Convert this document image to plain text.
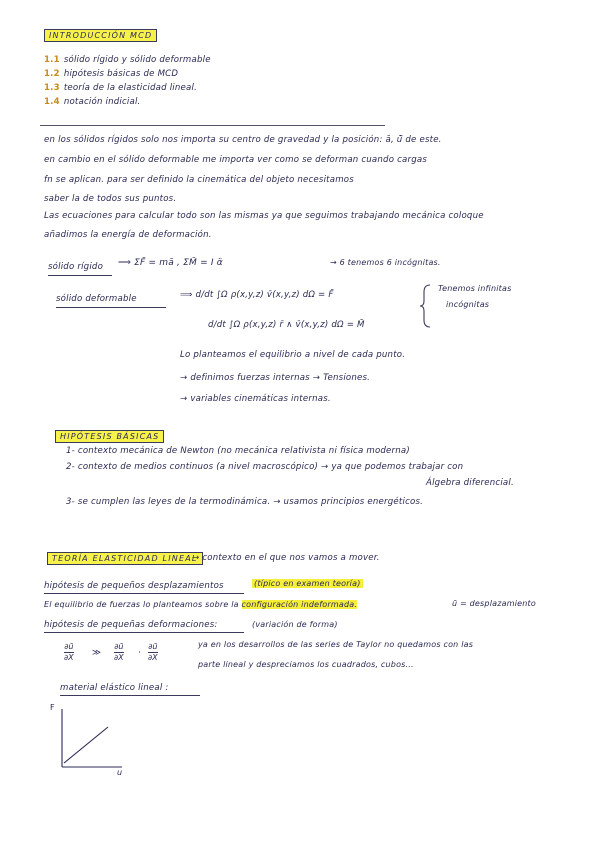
INTRODUCCIÓN MCD
1.1 sólido rígido y sólido deformable
1.2 hipótesis básicas de MCD
1.3 teoría de la elasticidad lineal.
1.4 notación indicial.
en los sólidos rígidos solo nos importa su centro de gravedad y la posición: ā, ū̄ de este.
en cambio en el sólido deformable me importa ver como se deforman cuando cargas
fn se aplican. para ser definido la cinemática del objeto necesitamos
saber la de todos sus puntos.
Las ecuaciones para calcular todo son las mismas ya que seguimos trabajando mecánica coloque
añadimos la energía de deformación.
sólido rígido ⟹ ΣF̄ = mā , ΣM̄ = I α̈	→ 6 tenemos 6 incógnitas.
sólido deformable	⟹ d/dt ∫Ω ρ(x,y,z) v̄(x,y,z) dΩ = F̄
d/dt ∫Ω ρ(x,y,z) r̄ ∧ v̄(x,y,z) dΩ = M̄
Tenemos infinitas
incógnitas
Lo planteamos el equilibrio a nivel de cada punto.
→ definimos fuerzas internas → Tensiones.
→ variables cinemáticas internas.
HIPÓTESIS BÁSICAS
1- contexto mecánica de Newton (no mecánica relativista ni física moderna)
2- contexto de medios continuos (a nivel macroscópico) → ya que podemos trabajar con
Álgebra diferencial.
3- se cumplen las leyes de la termodinámica. → usamos principios energéticos.
TEORÍA ELASTICIDAD LINEAL
→ contexto en el que nos vamos a mover.
hipótesis de pequeños desplazamientos	(típico en examen teoría)
El equilibrio de fuerzas lo planteamos sobre la configuración indeformada.	ū = desplazamiento
hipótesis de pequeñas deformaciones:	(variación de forma)
∂ū
∂X ≫
∂ū
∂X ·
∂ū
∂X
ya en los desarrollos de las series de Taylor no quedamos con las
parte lineal y despreciamos los cuadrados, cubos...
material elástico lineal :
F
u
